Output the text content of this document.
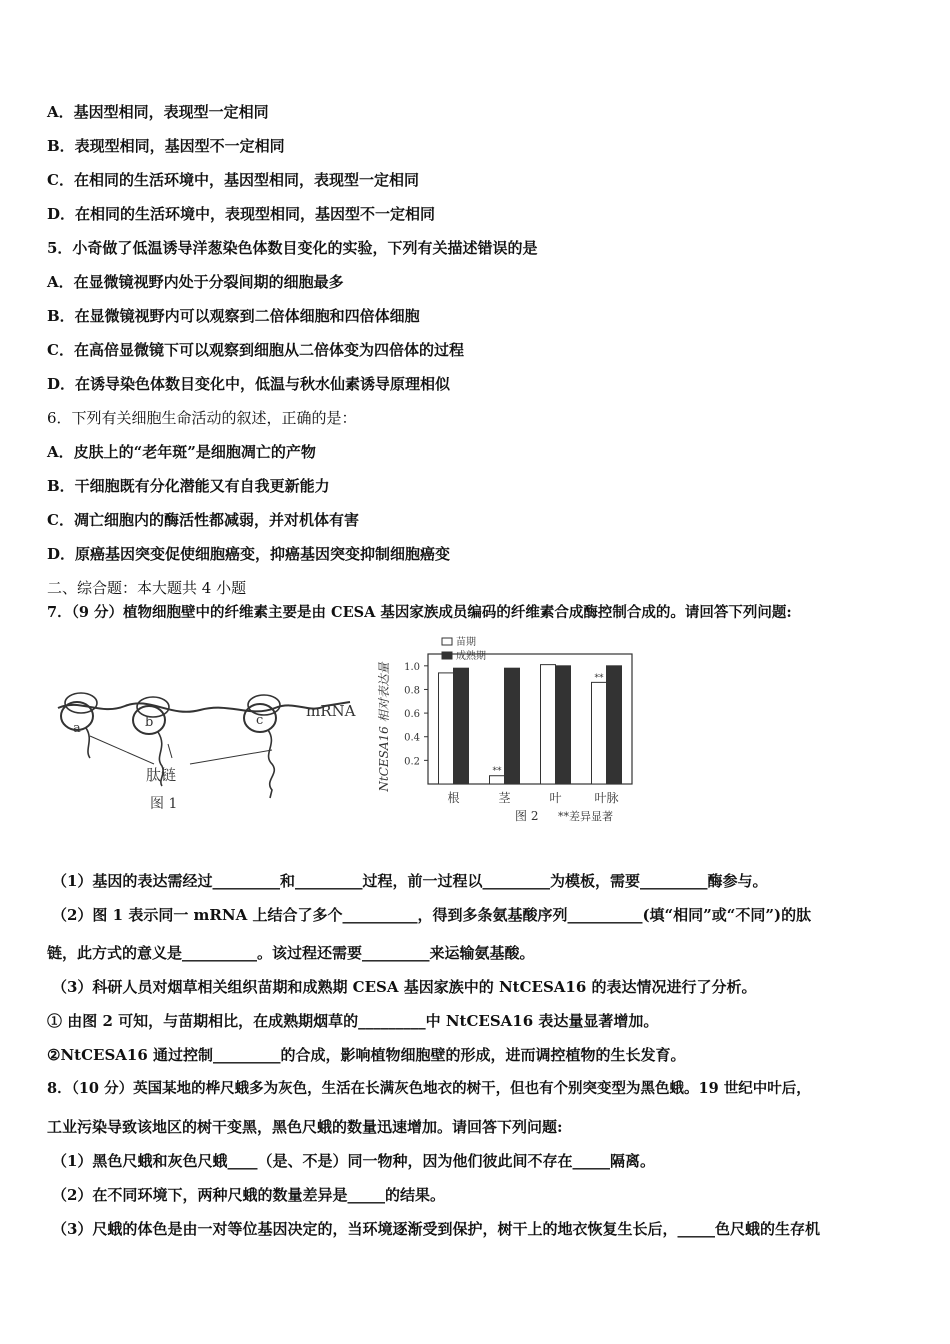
A．基因型相同，表现型一定相同
B．表现型相同，基因型不一定相同
C．在相同的生活环境中，基因型相同，表现型一定相同
D．在相同的生活环境中，表现型相同，基因型不一定相同
5．小奇做了低温诱导洋葱染色体数目变化的实验，下列有关描述错误的是
A．在显微镜视野内处于分裂间期的细胞最多
B．在显微镜视野内可以观察到二倍体细胞和四倍体细胞
C．在高倍显微镜下可以观察到细胞从二倍体变为四倍体的过程
D．在诱导染色体数目变化中，低温与秋水仙素诱导原理相似
6．下列有关细胞生命活动的叙述，正确的是：
A．皮肤上的“老年斑”是细胞凋亡的产物
B．干细胞既有分化潜能又有自我更新能力
C．凋亡细胞内的酶活性都减弱，并对机体有害
D．原癌基因突变促使细胞癌变，抑癌基因突变抑制细胞癌变
二、综合题：本大题共 4 小题
7．（9 分）植物细胞壁中的纤维素主要是由 CESA 基因家族成员编码的纤维素合成酶控制合成的。请回答下列问题:
a	b	c
mRNA
肽链
图 1
苗期
成熟期
NtCESA16 相对表达量 0.2
0.4
0.6
0.8
1.0
根
**
茎	叶
**
叶脉
图 2 **差异显著
（1）基因的表达需经过_________和_________过程，前一过程以_________为模板，需要_________酶参与。
（2）图 1 表示同一 mRNA 上结合了多个__________，得到多条氨基酸序列__________(填“相同”或“不同”)的肽
链，此方式的意义是__________。该过程还需要_________来运输氨基酸。
（3）科研人员对烟草相关组织苗期和成熟期 CESA 基因家族中的 NtCESA16 的表达情况进行了分析。
① 由图 2 可知，与苗期相比，在成熟期烟草的_________中 NtCESA16 表达量显著增加。
②NtCESA16 通过控制_________的合成，影响植物细胞壁的形成，进而调控植物的生长发育。
8．（10 分）英国某地的桦尺蛾多为灰色，生活在长满灰色地衣的树干，但也有个别突变型为黑色蛾。19 世纪中叶后，
工业污染导致该地区的树干变黑，黑色尺蛾的数量迅速增加。请回答下列问题:
（1）黑色尺蛾和灰色尺蛾____（是、不是）同一物种，因为他们彼此间不存在_____隔离。
（2）在不同环境下，两种尺蛾的数量差异是_____的结果。
（3）尺蛾的体色是由一对等位基因决定的，当环境逐渐受到保护，树干上的地衣恢复生长后，_____色尺蛾的生存机
